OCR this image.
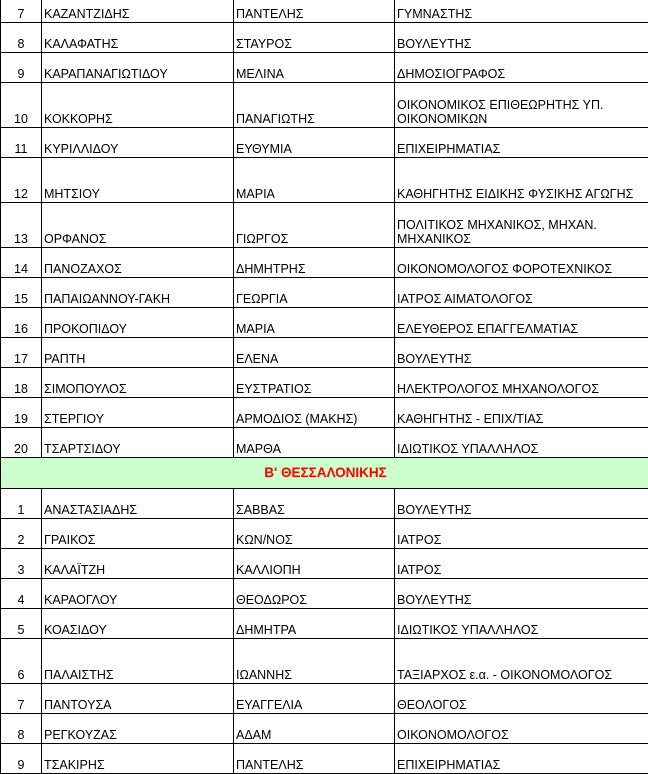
7	ΚΑΖΑΝΤΖΙΔΗΣ	ΠΑΝΤΕΛΗΣ	ΓΥΜΝΑΣΤΗΣ
8	ΚΑΛΑΦΑΤΗΣ	ΣΤΑΥΡΟΣ	ΒΟΥΛΕΥΤΗΣ
9	ΚΑΡΑΠΑΝΑΓΙΩΤΙΔΟΥ	ΜΕΛΙΝΑ	ΔΗΜΟΣΙΟΓΡΑΦΟΣ
10	ΚΟΚΚΟΡΗΣ	ΠΑΝΑΓΙΩΤΗΣ	ΟΙΚΟΝΟΜΙΚΟΣ ΕΠΙΘΕΩΡΗΤΗΣ ΥΠ. ΟΙΚΟΝΟΜΙΚΩΝ
11	ΚΥΡΙΛΛΙΔΟΥ	ΕΥΘΥΜΙΑ	ΕΠΙΧΕΙΡΗΜΑΤΙΑΣ
12	ΜΗΤΣΙΟΥ	ΜΑΡΙΑ	ΚΑΘΗΓΗΤΗΣ ΕΙΔΙΚΗΣ ΦΥΣΙΚΗΣ ΑΓΩΓΗΣ
13	ΟΡΦΑΝΟΣ	ΓΙΩΡΓΟΣ	ΠΟΛΙΤΙΚΟΣ ΜΗΧΑΝΙΚΟΣ, ΜΗΧΑΝ. ΜΗΧΑΝΙΚΟΣ
14	ΠΑΝΟΖΑΧΟΣ	ΔΗΜΗΤΡΗΣ	ΟΙΚΟΝΟΜΟΛΟΓΟΣ ΦΟΡΟΤΕΧΝΙΚΟΣ
15	ΠΑΠΑΙΩΑΝΝΟΥ-ΓΑΚΗ	ΓΕΩΡΓΙΑ	ΙΑΤΡΟΣ ΑΙΜΑΤΟΛΟΓΟΣ
16	ΠΡΟΚΟΠΙΔΟΥ	ΜΑΡΙΑ	ΕΛΕΥΘΕΡΟΣ ΕΠΑΓΓΕΛΜΑΤΙΑΣ
17	ΡΑΠΤΗ	ΕΛΕΝΑ	ΒΟΥΛΕΥΤΗΣ
18	ΣΙΜΟΠΟΥΛΟΣ	ΕΥΣΤΡΑΤΙΟΣ	ΗΛΕΚΤΡΟΛΟΓΟΣ ΜΗΧΑΝΟΛΟΓΟΣ
19	ΣΤΕΡΓΙΟΥ	ΑΡΜΟΔΙΟΣ (ΜΑΚΗΣ)	ΚΑΘΗΓΗΤΗΣ - ΕΠΙΧ/ΤΙΑΣ
20	ΤΣΑΡΤΣΙΔΟΥ	ΜΑΡΘΑ	ΙΔΙΩΤΙΚΟΣ ΥΠΑΛΛΗΛΟΣ
Β' ΘΕΣΣΑΛΟΝΙΚΗΣ			
1	ΑΝΑΣΤΑΣΙΑΔΗΣ	ΣΑΒΒΑΣ	ΒΟΥΛΕΥΤΗΣ
2	ΓΡΑΙΚΟΣ	ΚΩΝ/ΝΟΣ	ΙΑΤΡΟΣ
3	ΚΑΛΑΪΤΖΗ	ΚΑΛΛΙΟΠΗ	ΙΑΤΡΟΣ
4	ΚΑΡΑΟΓΛΟΥ	ΘΕΟΔΩΡΟΣ	ΒΟΥΛΕΥΤΗΣ
5	ΚΟΑΣΙΔΟΥ	ΔΗΜΗΤΡΑ	ΙΔΙΩΤΙΚΟΣ ΥΠΑΛΛΗΛΟΣ
6	ΠΑΛΑΙΣΤΗΣ	ΙΩΑΝΝΗΣ	ΤΑΞΙΑΡΧΟΣ ε.α. - ΟΙΚΟΝΟΜΟΛΟΓΟΣ
7	ΠΑΝΤΟΥΣΑ	ΕΥΑΓΓΕΛΙΑ	ΘΕΟΛΟΓΟΣ
8	ΡΕΓΚΟΥΖΑΣ	ΑΔΑΜ	ΟΙΚΟΝΟΜΟΛΟΓΟΣ
9	ΤΣΑΚΙΡΗΣ	ΠΑΝΤΕΛΗΣ	ΕΠΙΧΕΙΡΗΜΑΤΙΑΣ
